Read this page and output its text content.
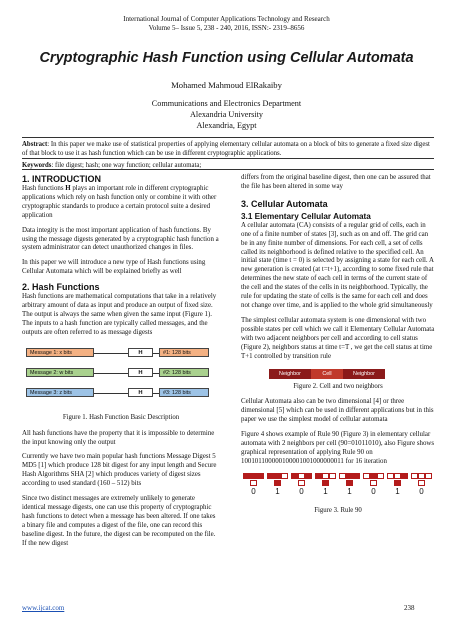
International Journal of Computer Applications Technology and Research
Volume 5– Issue 5, 238 - 240, 2016, ISSN:- 2319–8656
Cryptographic Hash Function using Cellular Automata
Mohamed Mahmoud ElRakaiby
Communications and Electronics Department
Alexandria University
Alexandria, Egypt
Abstract: In this paper we make use of statistical properties of applying elementary cellular automata on a block of bits to generate a fixed size digest of that block to use it as hash function which can be use in different cryptographic applications.
Keywords: file digest; hash; one way function; cellular automata;
1. INTRODUCTION

Hash functions H plays an important role in different cryptographic applications which rely on hash function only or combine it with other cryptographic standards to produce a certain protocol suite a desired application

Data integity is the most important application of hash functions. By using the message digests generated by a cryptographic hash function a system administrator can detect unauthorized changes in files.

In this paper we will introduce a new type of Hash functions using Cellular Automata which will be explained briefly as well

2. Hash Functions

Hash functions are mathematical computations that take in a relatively arbitrary amount of data as input and produce an output of fixed size. The output is always the same when given the same input (Figure 1). The inputs to a hash function are typically called messages, and the outputs are often referred to as message digests

Message 1: x bits	H	#1: 128 bits
Message 2: w bits	H	#2: 128 bits
Message 3: z bits	H	#3: 128 bits
Figure 1. Hash Function Basic Description

All hash functions have the property that it is impossible to determine the input knowing only the output

Currently we have two main popular hash functions Message Digest 5 MD5 [1] which produce 128 bit digest for any input length and Secure Hash Algorithms SHA [2] which produces variety of digest sizes according to used standard (160 – 512) bits

Since two distinct messages are extremely unlikely to generate identical message digests, one can use this property of cryptographic hash functions to detect when a message has been altered. If one takes a binary file and computes a digest of the file, one can record this baseline digest. In the future, the digest can be recomputed on the file. If the new digest

differs from the original baseline digest, then one can be assured that the file has been altered in some way

3. Cellular Automata
3.1 Elementary Cellular Automata

A cellular automata (CA) consists of a regular grid of cells, each in one of a finite number of states [3], such as on and off. The grid can be in any finite number of dimensions. For each cell, a set of cells called its neighborhood is defined relative to the specified cell. An initial state (time t = 0) is selected by assigning a state for each cell. A new generation is created (at t=t+1), according to some fixed rule that determines the new state of each cell in terms of the current state of the cell and the states of the cells in its neighborhood. Typically, the rule for updating the state of cells is the same for each cell and does not change over time, and is applied to the whole grid simultaneously

The simplest cellular automata system is one dimensional with two possible states per cell which we call it Elementary Cellular Automata with two adjacent neighbors per cell and according to cell status (Figure 2), neighbors status at time t=T , we get the cell status at time T+1 controlled by transition rule

Neighbor	Cell	Neighbor
Figure 2. Cell and two neighbors

Cellular Automata also can be two dimensional [4] or three dimensional [5] which can be used in different applications but in this paper we use the simplest model of cellular automata

Figure 4 shows example of Rule 90 (Figure 3) in elementary cellular automata with 2 neighbors per cell (90=01011010), also Figure shows graphical representation of applying Rule 90 on 100101100000100001001000000011 for 16 iteration

0	1	0	1	1	0	1	0
Figure 3. Rule 90
www.ijcat.com	238
